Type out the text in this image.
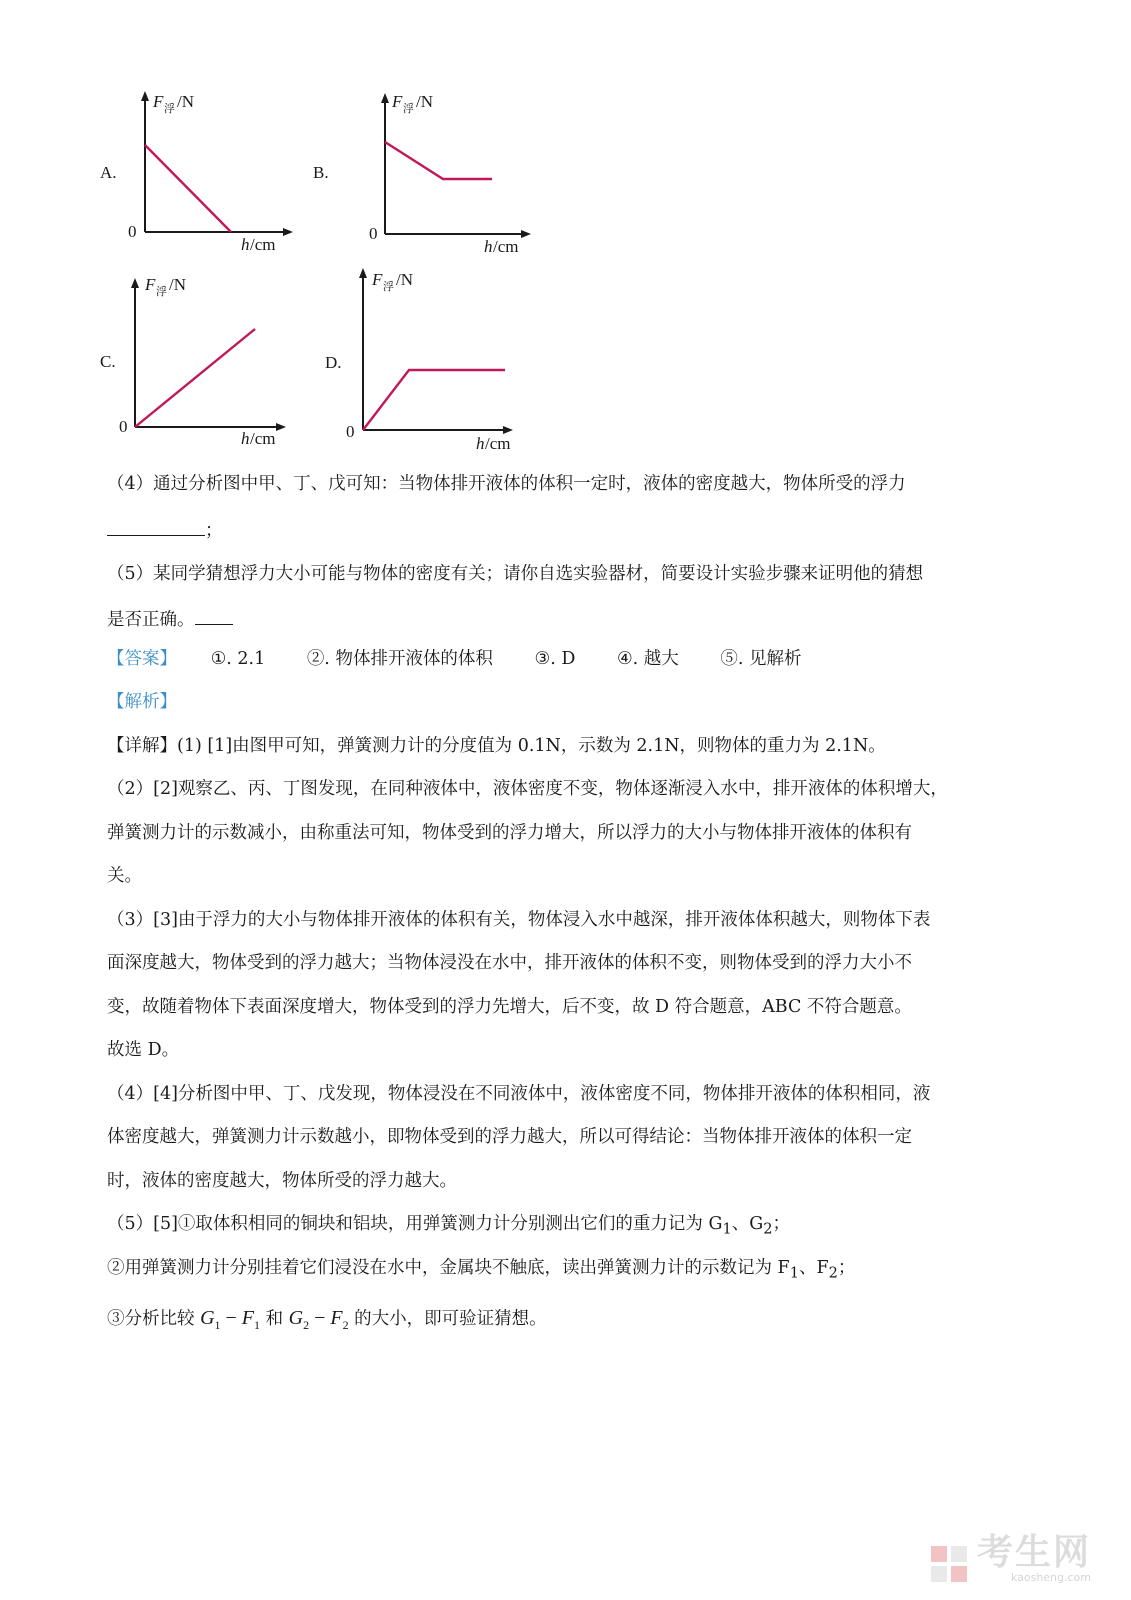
A.
F 浮 /N
0
h /cm
B.
F 浮 /N
0
h /cm
C.
F 浮 /N
0
h /cm
D.
F 浮 /N
0
h /cm
（4）通过分析图中甲、丁、戊可知：当物体排开液体的体积一定时，液体的密度越大，物体所受的浮力
；
（5）某同学猜想浮力大小可能与物体的密度有关；请你自选实验器材，简要设计实验步骤来证明他的猜想
是否正确。
【答案】 ①. 2.1 ②. 物体排开液体的体积 ③. D ④. 越大 ⑤. 见解析
【解析】
【详解】(1) [1]由图甲可知，弹簧测力计的分度值为 0.1N，示数为 2.1N，则物体的重力为 2.1N。
（2）[2]观察乙、丙、丁图发现，在同种液体中，液体密度不变，物体逐渐浸入水中，排开液体的体积增大，
弹簧测力计的示数减小，由称重法可知，物体受到的浮力增大，所以浮力的大小与物体排开液体的体积有
关。
（3）[3]由于浮力的大小与物体排开液体的体积有关，物体浸入水中越深，排开液体体积越大，则物体下表
面深度越大，物体受到的浮力越大；当物体浸没在水中，排开液体的体积不变，则物体受到的浮力大小不
变，故随着物体下表面深度增大，物体受到的浮力先增大，后不变，故 D 符合题意，ABC 不符合题意。
故选 D。
（4）[4]分析图中甲、丁、戊发现，物体浸没在不同液体中，液体密度不同，物体排开液体的体积相同，液
体密度越大，弹簧测力计示数越小，即物体受到的浮力越大，所以可得结论：当物体排开液体的体积一定
时，液体的密度越大，物体所受的浮力越大。
（5）[5]①取体积相同的铜块和铝块，用弹簧测力计分别测出它们的重力记为 $G_1$、$G_2$；
②用弹簧测力计分别挂着它们浸没在水中，金属块不触底，读出弹簧测力计的示数记为 $F_1$、$F_2$；
③分析比较 $G_1 - F_1$ 和 $G_2 - F_2$ 的大小，即可验证猜想。
考生网
kaosheng.com
